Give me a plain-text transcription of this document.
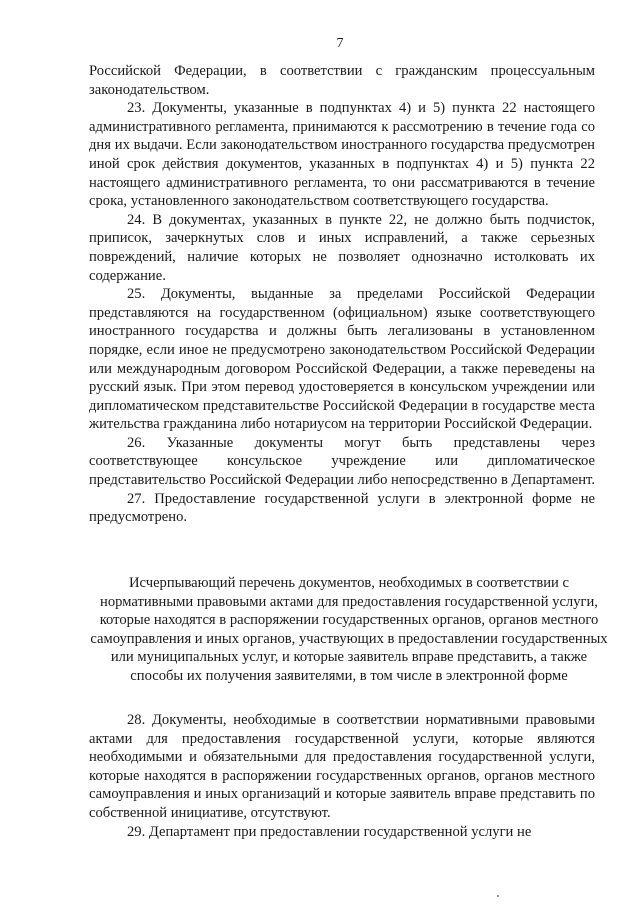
7

Российской Федерации, в соответствии с гражданским процессуальным законодательством.

23. Документы, указанные в подпунктах 4) и 5) пункта 22 настоящего административного регламента, принимаются к рассмотрению в течение года со дня их выдачи. Если законодательством иностранного государства предусмотрен иной срок действия документов, указанных в подпунктах 4) и 5) пункта 22 настоящего административного регламента, то они рассматриваются в течение срока, установленного законодательством соответствующего государства.

24. В документах, указанных в пункте 22, не должно быть подчисток, приписок, зачеркнутых слов и иных исправлений, а также серьезных повреждений, наличие которых не позволяет однозначно истолковать их содержание.

25. Документы, выданные за пределами Российской Федерации представляются на государственном (официальном) языке соответствующего иностранного государства и должны быть легализованы в установленном порядке, если иное не предусмотрено законодательством Российской Федерации или международным договором Российской Федерации, а также переведены на русский язык. При этом перевод удостоверяется в консульском учреждении или дипломатическом представительстве Российской Федерации в государстве места жительства гражданина либо нотариусом на территории Российской Федерации.

26. Указанные документы могут быть представлены через соответствующее консульское учреждение или дипломатическое представительство Российской Федерации либо непосредственно в Департамент.

27. Предоставление государственной услуги в электронной форме не предусмотрено.

Исчерпывающий перечень документов, необходимых в соответствии с нормативными правовыми актами для предоставления государственной услуги, которые находятся в распоряжении государственных органов, органов местного самоуправления и иных органов, участвующих в предоставлении государственных или муниципальных услуг, и которые заявитель вправе представить, а также способы их получения заявителями, в том числе в электронной форме

28. Документы, необходимые в соответствии нормативными правовыми актами для предоставления государственной услуги, которые являются необходимыми и обязательными для предоставления государственной услуги, которые находятся в распоряжении государственных органов, органов местного самоуправления и иных организаций и которые заявитель вправе представить по собственной инициативе, отсутствуют.

29. Департамент при предоставлении государственной услуги не
